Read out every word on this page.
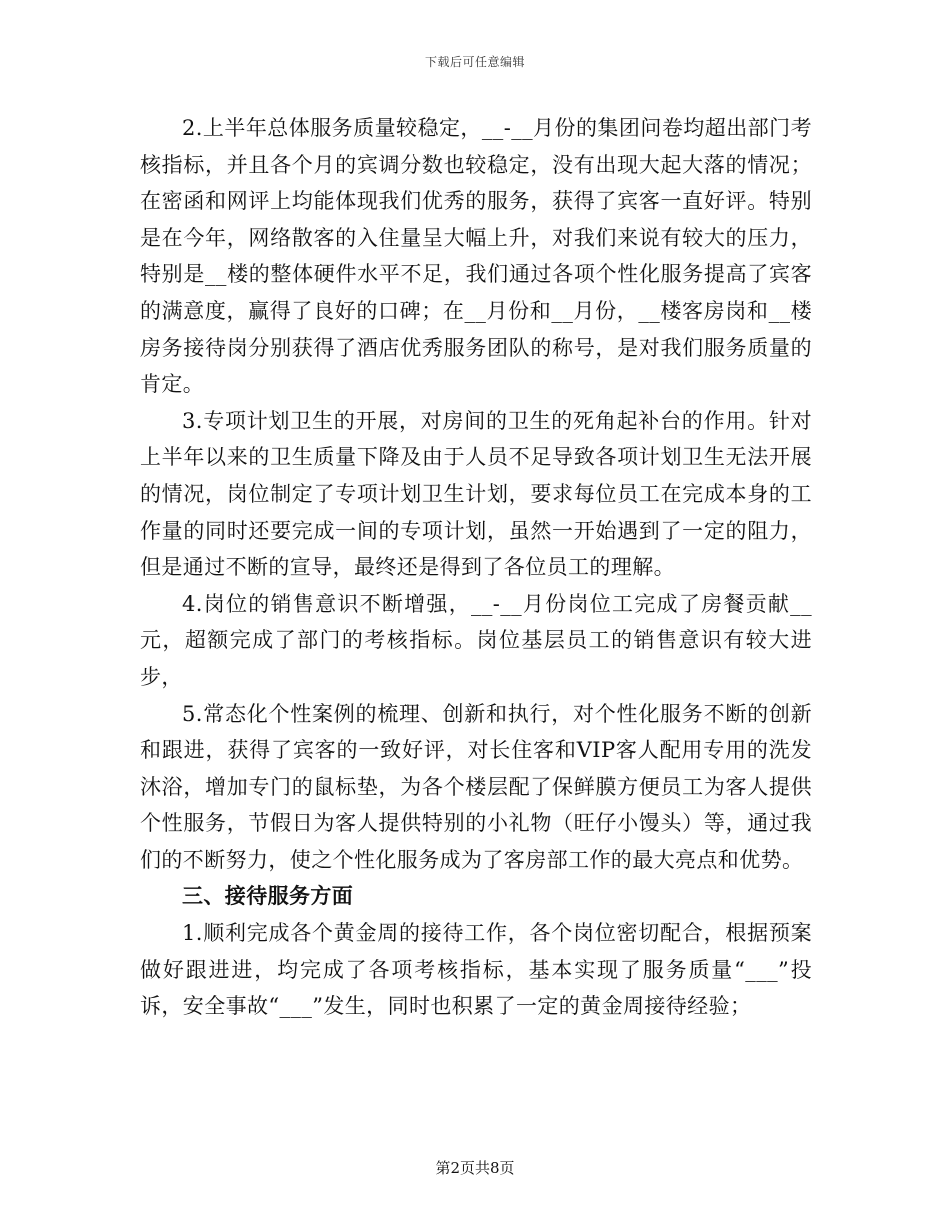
下载后可任意编辑

2.上半年总体服务质量较稳定，__-__月份的集团问卷均超出部门考核指标，并且各个月的宾调分数也较稳定，没有出现大起大落的情况；在密函和网评上均能体现我们优秀的服务，获得了宾客一直好评。特别是在今年，网络散客的入住量呈大幅上升，对我们来说有较大的压力，特别是__楼的整体硬件水平不足，我们通过各项个性化服务提高了宾客的满意度，赢得了良好的口碑；在__月份和__月份，__楼客房岗和__楼房务接待岗分别获得了酒店优秀服务团队的称号，是对我们服务质量的肯定。

3.专项计划卫生的开展，对房间的卫生的死角起补台的作用。针对上半年以来的卫生质量下降及由于人员不足导致各项计划卫生无法开展的情况，岗位制定了专项计划卫生计划，要求每位员工在完成本身的工作量的同时还要完成一间的专项计划，虽然一开始遇到了一定的阻力，但是通过不断的宣导，最终还是得到了各位员工的理解。

4.岗位的销售意识不断增强，__-__月份岗位工完成了房餐贡献__元，超额完成了部门的考核指标。岗位基层员工的销售意识有较大进步，

5.常态化个性案例的梳理、创新和执行，对个性化服务不断的创新和跟进，获得了宾客的一致好评，对长住客和VIP客人配用专用的洗发沐浴，增加专门的鼠标垫，为各个楼层配了保鲜膜方便员工为客人提供个性服务，节假日为客人提供特别的小礼物（旺仔小馒头）等，通过我们的不断努力，使之个性化服务成为了客房部工作的最大亮点和优势。

三、接待服务方面

1.顺利完成各个黄金周的接待工作，各个岗位密切配合，根据预案做好跟进进，均完成了各项考核指标，基本实现了服务质量“___”投诉，安全事故“___”发生，同时也积累了一定的黄金周接待经验；

第2页共8页
